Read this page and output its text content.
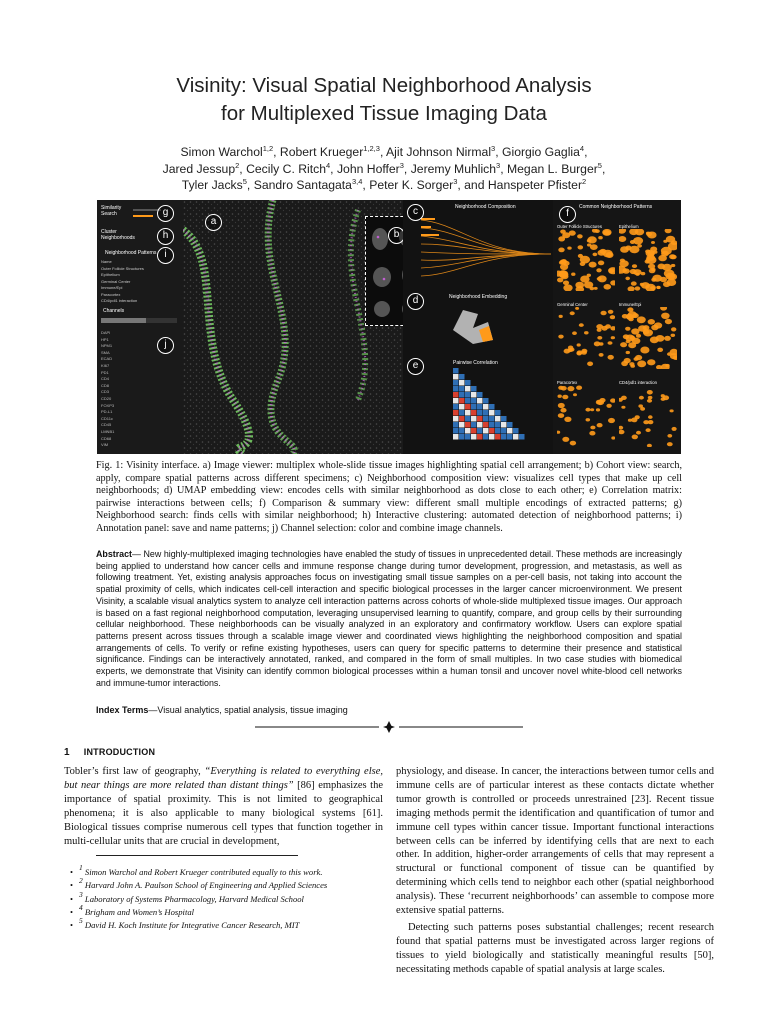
Visinity: Visual Spatial Neighborhood Analysis
for Multiplexed Tissue Imaging Data
Simon Warchol$^{1,2}$, Robert Krueger$^{1,2,3}$, Ajit Johnson Nirmal$^3$, Giorgio Gaglia$^4$,
Jared Jessup$^2$, Cecily C. Ritch$^4$, John Hoffer$^3$, Jeremy Muhlich$^3$, Megan L. Burger$^5$,
Tyler Jacks$^5$, Sandro Santagata$^{3,4}$, Peter K. Sorger$^3$, and Hanspeter Pfister$^2$
Similarity Search
Cluster Neighborhoods
Neighborhood Patterns
Name
Outer Follicle Structures
Epithelium
Germinal Center
Immune/Epi
Paracortex
CD4/pdl1 interaction
Channels
DAPI
HP1
NPM1
SMA
ECAD
KI67
PD1
CD4
CD8
CD3
CD20
FOXP3
PD-L1
CD11c
CD45
LMNB1
CD68
VIM
g
h
i
j
a
b
Neighborhood Composition
Neighborhood Embedding
Pairwise Correlation
c
d
e
Common Neighborhood Patterns
Outer Follicle Structures	Epithelium
Germinal Center	Immune/Epi
Paracortex	CD4/pdl1 interaction
f
Fig. 1: Visinity interface. a) Image viewer: multiplex whole-slide tissue images highlighting spatial cell arrangement; b) Cohort view: search, apply, compare spatial patterns across different specimens; c) Neighborhood composition view: visualizes cell types that make up cell neighborhoods; d) UMAP embedding view: encodes cells with similar neighborhood as dots close to each other; e) Correlation matrix: pairwise interactions between cells; f) Comparison & summary view: different small multiple encodings of extracted patterns; g) Neighborhood search: finds cells with similar neighborhood; h) Interactive clustering: automated detection of neighborhood patterns; i) Annotation panel: save and name patterns; j) Channel selection: color and combine image channels.
Abstract— New highly-multiplexed imaging technologies have enabled the study of tissues in unprecedented detail. These methods are increasingly being applied to understand how cancer cells and immune response change during tumor development, progression, and metastasis, as well as following treatment. Yet, existing analysis approaches focus on investigating small tissue samples on a per-cell basis, not taking into account the spatial proximity of cells, which indicates cell-cell interaction and specific biological processes in the larger cancer microenvironment. We present Visinity, a scalable visual analytics system to analyze cell interaction patterns across cohorts of whole-slide multiplexed tissue images. Our approach is based on a fast regional neighborhood computation, leveraging unsupervised learning to quantify, compare, and group cells by their surrounding cellular neighborhood. These neighborhoods can be visually analyzed in an exploratory and confirmatory workflow. Users can explore spatial patterns present across tissues through a scalable image viewer and coordinated views highlighting the neighborhood composition and spatial arrangements of cells. To verify or refine existing hypotheses, users can query for specific patterns to determine their presence and statistical significance. Findings can be interactively annotated, ranked, and compared in the form of small multiples. In two case studies with biomedical experts, we demonstrate that Visinity can identify common biological processes within a human tonsil and uncover novel white-blood cell networks and immune-tumor interactions.
Index Terms—Visual analytics, spatial analysis, tissue imaging
1 INTRODUCTION

Tobler’s first law of geography, “Everything is related to everything else, but near things are more related than distant things” [86] emphasizes the importance of spatial proximity. This is not limited to geographical phenomena; it is also applicable to many biological systems [61]. Biological tissues comprise numerous cell types that function together in multi-cellular units that are crucial in development,

• $^1$ Simon Warchol and Robert Krueger contributed equally to this work.
• $^2$ Harvard John A. Paulson School of Engineering and Applied Sciences
• $^3$ Laboratory of Systems Pharmacology, Harvard Medical School
• $^4$ Brigham and Women’s Hospital
• $^5$ David H. Koch Institute for Integrative Cancer Research, MIT

physiology, and disease. In cancer, the interactions between tumor cells and immune cells are of particular interest as these contacts dictate whether tumor growth is controlled or proceeds unrestrained [23]. Recent tissue imaging methods permit the identification and quantification of tumor and immune cell types within cancer tissue. Important functional interactions between cells can be inferred by identifying cells that are next to each other. In addition, higher-order arrangements of cells that may represent a structural or functional component of tissue can be quantified by determining which cells tend to neighbor each other (spatial neighborhood analysis). These ‘recurrent neighborhoods’ can assemble to compose more extensive spatial patterns.

Detecting such patterns poses substantial challenges; recent research found that spatial patterns must be investigated across larger regions of tissues to yield biologically and statistically meaningful results [50], necessitating methods capable of spatial analysis at large scales.
